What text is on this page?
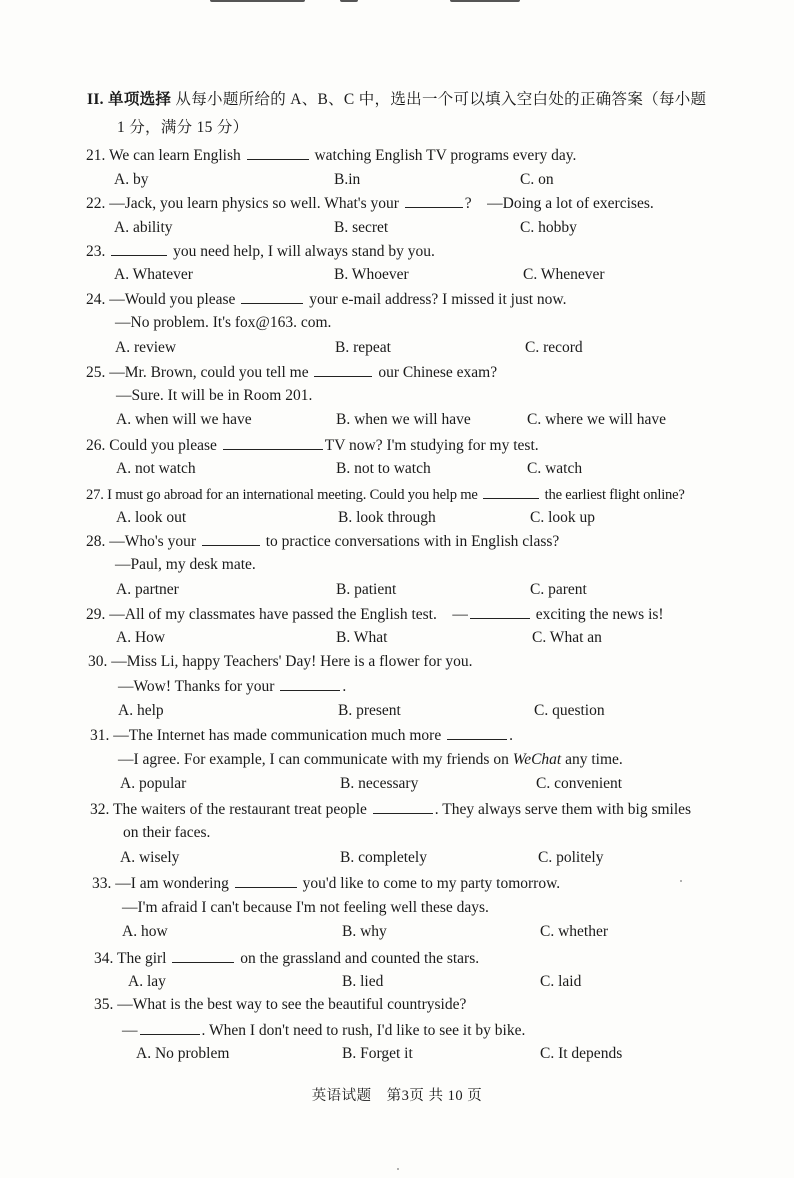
II. 单项选择 从每小题所给的 A、B、C 中，选出一个可以填入空白处的正确答案（每小题
1 分，满分 15 分）
21. We can learn English	watching English TV programs every day.
A. by	B.in	C. on
22. —Jack, you learn physics so well. What's your	?　—Doing a lot of exercises.
A. ability	B. secret	C. hobby
23.	you need help, I will always stand by you.
A. Whatever	B. Whoever	C. Whenever
24. —Would you please	your e-mail address? I missed it just now.
—No problem. It's fox@163. com.
A. review	B. repeat	C. record
25. —Mr. Brown, could you tell me	our Chinese exam?
—Sure. It will be in Room 201.
A. when will we have	B. when we will have	C. where we will have
26. Could you please	TV now? I'm studying for my test.
A. not watch	B. not to watch	C. watch
27. I must go abroad for an international meeting. Could you help me	the earliest flight online?
A. look out	B. look through	C. look up
28. —Who's your	to practice conversations with in English class?
—Paul, my desk mate.
A. partner	B. patient	C. parent
29. —All of my classmates have passed the English test.　—	exciting the news is!
A. How	B. What	C. What an
30. —Miss Li, happy Teachers' Day! Here is a flower for you.
—Wow! Thanks for your	.
A. help	B. present	C. question
31. —The Internet has made communication much more	.
—I agree. For example, I can communicate with my friends on WeChat any time.
A. popular	B. necessary	C. convenient
32. The waiters of the restaurant treat people	. They always serve them with big smiles
on their faces.
A. wisely	B. completely	C. politely
33. —I am wondering	you'd like to come to my party tomorrow.
—I'm afraid I can't because I'm not feeling well these days.
A. how	B. why	C. whether
34. The girl	on the grassland and counted the stars.
A. lay	B. lied	C. laid
35. —What is the best way to see the beautiful countryside?
—	. When I don't need to rush, I'd like to see it by bike.
A. No problem	B. Forget it	C. It depends
英语试题　第3页 共 10 页
